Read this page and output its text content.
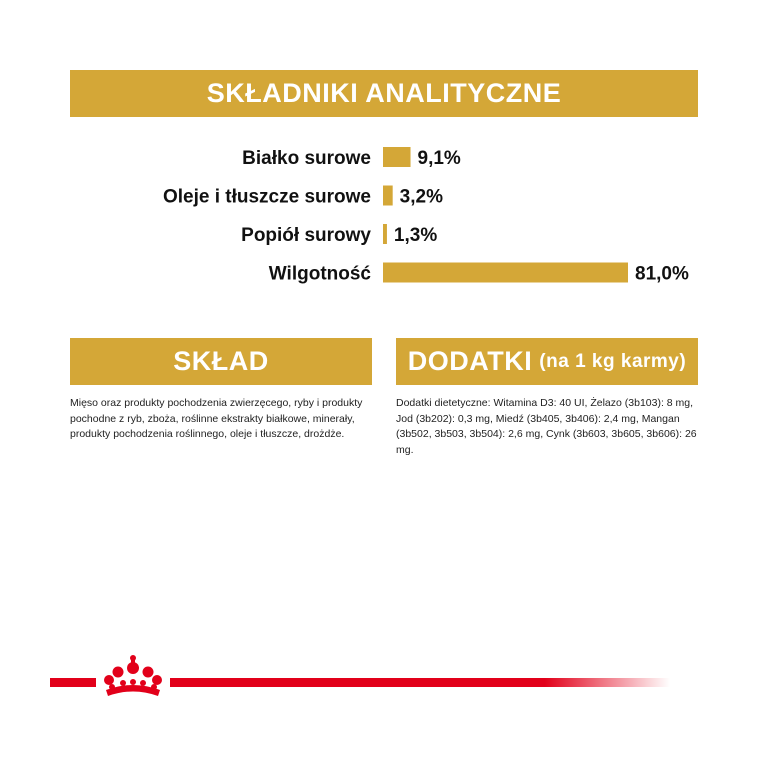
SKŁADNIKI ANALITYCZNE
Białko surowe 9,1%
Oleje i tłuszcze surowe 3,2%
Popiół surowy 1,3%
Wilgotność	81,0%
SKŁAD
Mięso oraz produkty pochodzenia zwierzęcego, ryby i produkty pochodne z ryb, zboża, roślinne ekstrakty białkowe, minerały, produkty pochodzenia roślinnego, oleje i tłuszcze, drożdże.
DODATKI (na 1 kg karmy)
Dodatki dietetyczne: Witamina D3: 40 UI, Żelazo (3b103): 8 mg, Jod (3b202): 0,3 mg, Miedź (3b405, 3b406): 2,4 mg, Mangan (3b502, 3b503, 3b504): 2,6 mg, Cynk (3b603, 3b605, 3b606): 26 mg.
